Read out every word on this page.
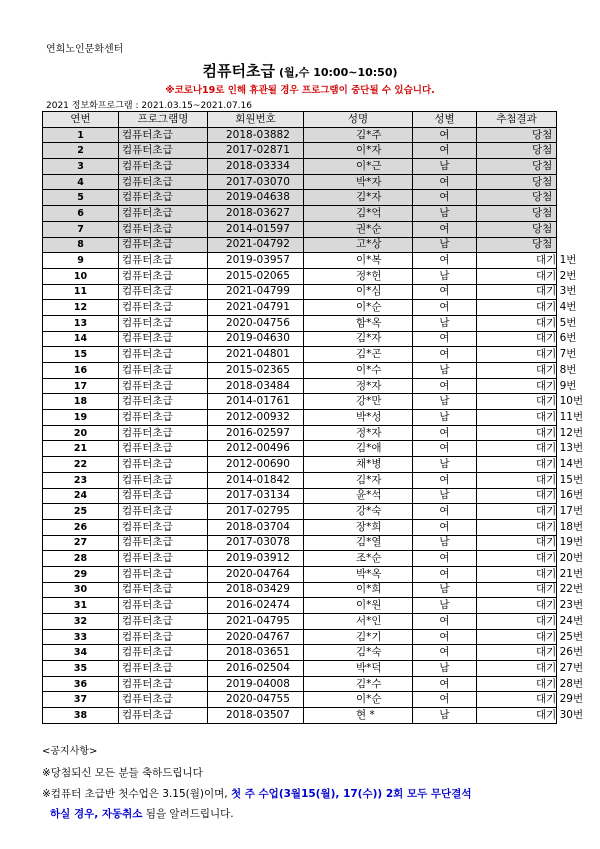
연희노인문화센터
컴퓨터초급 (월,수 10:00~10:50)
※코로나19로 인해 휴관될 경우 프로그램이 중단될 수 있습니다.
2021 정보화프로그램 : 2021.03.15~2021.07.16
연번	프로그램명	회원번호	성명	성별	추첨결과
1	컴퓨터초급	2018-03882	김*주	여	당첨
2	컴퓨터초급	2017-02871	이*자	여	당첨
3	컴퓨터초급	2018-03334	이*근	남	당첨
4	컴퓨터초급	2017-03070	박*자	여	당첨
5	컴퓨터초급	2019-04638	김*자	여	당첨
6	컴퓨터초급	2018-03627	김*억	남	당첨
7	컴퓨터초급	2014-01597	권*순	여	당첨
8	컴퓨터초급	2021-04792	고*상	남	당첨
9	컴퓨터초급	2019-03957	이*복	여	대기 1번
10	컴퓨터초급	2015-02065	정*헌	남	대기 2번
11	컴퓨터초급	2021-04799	이*심	여	대기 3번
12	컴퓨터초급	2021-04791	이*순	여	대기 4번
13	컴퓨터초급	2020-04756	함*옥	남	대기 5번
14	컴퓨터초급	2019-04630	김*자	여	대기 6번
15	컴퓨터초급	2021-04801	김*곤	여	대기 7번
16	컴퓨터초급	2015-02365	이*수	남	대기 8번
17	컴퓨터초급	2018-03484	정*자	여	대기 9번
18	컴퓨터초급	2014-01761	강*만	남	대기 10번
19	컴퓨터초급	2012-00932	박*성	남	대기 11번
20	컴퓨터초급	2016-02597	정*자	여	대기 12번
21	컴퓨터초급	2012-00496	김*애	여	대기 13번
22	컴퓨터초급	2012-00690	채*병	남	대기 14번
23	컴퓨터초급	2014-01842	김*자	여	대기 15번
24	컴퓨터초급	2017-03134	윤*석	남	대기 16번
25	컴퓨터초급	2017-02795	강*숙	여	대기 17번
26	컴퓨터초급	2018-03704	장*희	여	대기 18번
27	컴퓨터초급	2017-03078	김*열	남	대기 19번
28	컴퓨터초급	2019-03912	조*순	여	대기 20번
29	컴퓨터초급	2020-04764	박*옥	여	대기 21번
30	컴퓨터초급	2018-03429	이*희	남	대기 22번
31	컴퓨터초급	2016-02474	이*원	남	대기 23번
32	컴퓨터초급	2021-04795	서*인	여	대기 24번
33	컴퓨터초급	2020-04767	김*기	여	대기 25번
34	컴퓨터초급	2018-03651	김*숙	여	대기 26번
35	컴퓨터초급	2016-02504	박*덕	남	대기 27번
36	컴퓨터초급	2019-04008	김*수	여	대기 28번
37	컴퓨터초급	2020-04755	이*순	여	대기 29번
38	컴퓨터초급	2018-03507	현 *	남	대기 30번
<공지사항>
※당첨되신 모든 분들 축하드립니다
※컴퓨터 초급반 첫수업은 3.15(월)이며, 첫 주 수업(3월15(월), 17(수)) 2회 모두 무단결석
하실 경우, 자동취소 됨을 알려드립니다.
